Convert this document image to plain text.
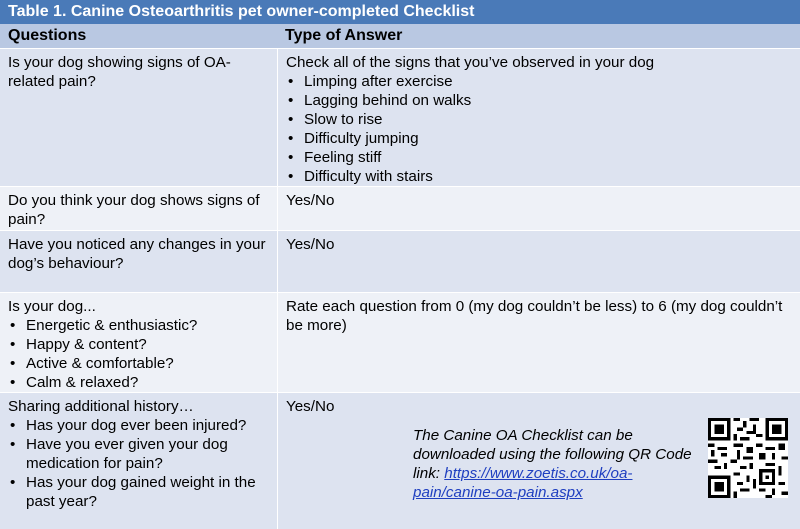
Table 1. Canine Osteoarthritis pet owner-completed Checklist
Questions	Type of Answer
Is your dog showing signs of OA-related pain?
Check all of the signs that you’ve observed in your dog
• Limping after exercise
• Lagging behind on walks
• Slow to rise
• Difficulty jumping
• Feeling stiff
• Difficulty with stairs
Do you think your dog shows signs of pain?
Yes/No
Have you noticed any changes in your dog’s behaviour?
Yes/No
Is your dog...
• Energetic & enthusiastic?
• Happy & content?
• Active & comfortable?
• Calm & relaxed?
Rate each question from 0 (my dog couldn’t be less) to 6 (my dog couldn’t be more)
Sharing additional history…
• Has your dog ever been injured?
• Have you ever given your dog medication for pain?
• Has your dog gained weight in the past year?
Yes/No
The Canine OA Checklist can be downloaded using the following QR Code link: https://www.zoetis.co.uk/oa-pain/canine-oa-pain.aspx
